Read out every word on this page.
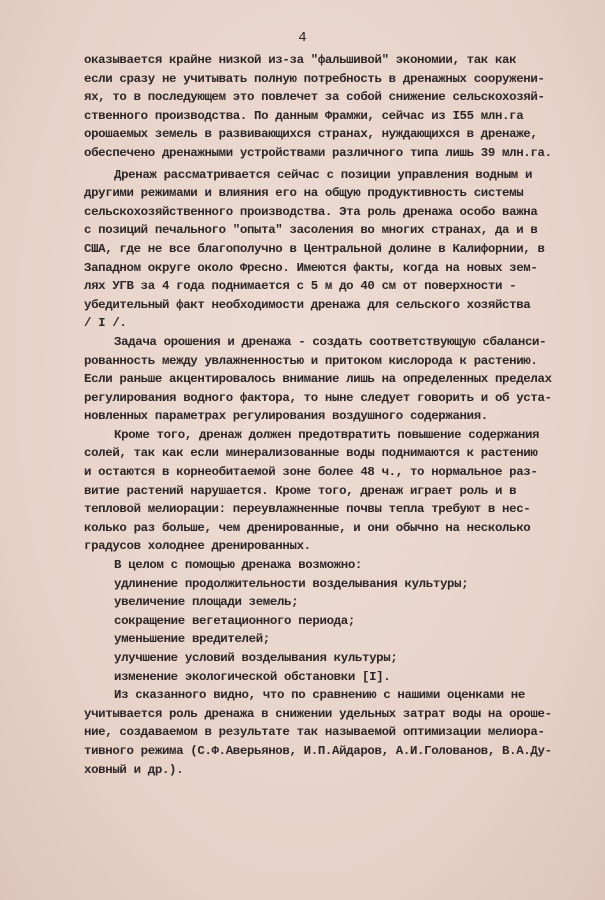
4
оказывается крайне низкой из-за "фальшивой" экономии, так как
если сразу не учитывать полную потребность в дренажных сооружени-
ях, то в последующем это повлечет за собой снижение сельскохозяй-
ственного производства. По данным Фрамжи, сейчас из I55 млн.га
орошаемых земель в развивающихся странах, нуждающихся в дренаже,
обеспечено дренажными устройствами различного типа лишь 39 млн.га.
Дренаж рассматривается сейчас с позиции управления водным и
другими режимами и влияния его на общую продуктивность системы
сельскохозяйственного производства. Эта роль дренажа особо важна
с позиций печального "опыта" засоления во многих странах, да и в
США, где не все благополучно в Центральной долине в Калифорнии, в
Западном округе около Фресно. Имеются факты, когда на новых зем-
лях УГВ за 4 года поднимается с 5 м до 40 см от поверхности -
убедительный факт необходимости дренажа для сельского хозяйства
/ I /.
Задача орошения и дренажа - создать соответствующую сбаланси-
рованность между увлажненностью и притоком кислорода к растению.
Если раньше акцентировалось внимание лишь на определенных пределах
регулирования водного фактора, то ныне следует говорить и об уста-
новленных параметрах регулирования воздушного содержания.
Кроме того, дренаж должен предотвратить повышение содержания
солей, так как если минерализованные воды поднимаются к растению
и остаются в корнеобитаемой зоне более 48 ч., то нормальное раз-
витие растений нарушается. Кроме того, дренаж играет роль и в
тепловой мелиорации: переувлажненные почвы тепла требуют в нес-
колько раз больше, чем дренированные, и они обычно на несколько
градусов холоднее дренированных.
В целом с помощью дренажа возможно:
удлинение продолжительности возделывания культуры;
увеличение площади земель;
сокращение вегетационного периода;
уменьшение вредителей;
улучшение условий возделывания культуры;
изменение экологической обстановки [I].
Из сказанного видно, что по сравнению с нашими оценками не
учитывается роль дренажа в снижении удельных затрат воды на ороше-
ние, создаваемом в результате так называемой оптимизации мелиора-
тивного режима (С.Ф.Аверьянов, И.П.Айдаров, А.И.Голованов, В.А.Ду-
ховный и др.).
